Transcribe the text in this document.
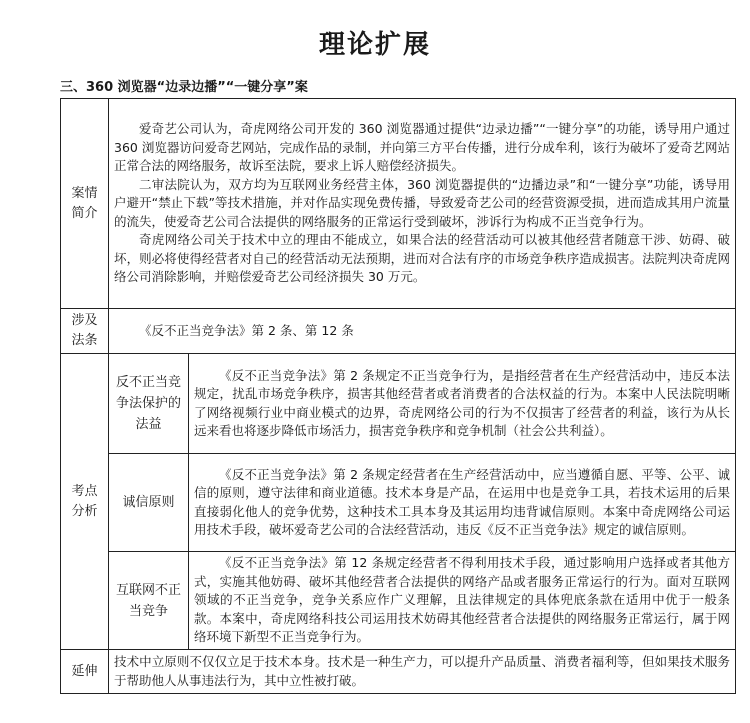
理论扩展
三、360 浏览器“边录边播”“一键分享”案
案情简介	爱奇艺公司认为，奇虎网络公司开发的 360 浏览器通过提供“边录边播”“一键分享”的功能，诱导用户通过 360 浏览器访问爱奇艺网站，完成作品的录制，并向第三方平台传播，进行分成牟利，该行为破坏了爱奇艺网站正常合法的网络服务，故诉至法院，要求上诉人赔偿经济损失。
二审法院认为，双方均为互联网业务经营主体，360 浏览器提供的“边播边录”和“一键分享”功能，诱导用户避开“禁止下载”等技术措施，并对作品实现免费传播，导致爱奇艺公司的经营资源受损，进而造成其用户流量的流失，使爱奇艺公司合法提供的网络服务的正常运行受到破坏，涉诉行为构成不正当竞争行为。
奇虎网络公司关于技术中立的理由不能成立，如果合法的经营活动可以被其他经营者随意干涉、妨碍、破坏，则必将使得经营者对自己的经营活动无法预期，进而对合法有序的市场竞争秩序造成损害。法院判决奇虎网络公司消除影响，并赔偿爱奇艺公司经济损失 30 万元。	

涉及法条	《反不正当竞争法》第 2 条、第 12 条	

考点分析	反不正当竞争法保护的法益	《反不正当竞争法》第 2 条规定不正当竞争行为，是指经营者在生产经营活动中，违反本法规定，扰乱市场竞争秩序，损害其他经营者或者消费者的合法权益的行为。本案中人民法院明晰了网络视频行业中商业模式的边界，奇虎网络公司的行为不仅损害了经营者的利益，该行为从长远来看也将逐步降低市场活力，损害竞争秩序和竞争机制（社会公共利益）。

	诚信原则	《反不正当竞争法》第 2 条规定经营者在生产经营活动中，应当遵循自愿、平等、公平、诚信的原则，遵守法律和商业道德。技术本身是产品，在运用中也是竞争工具，若技术运用的后果直接弱化他人的竞争优势，这种技术工具本身及其运用均违背诚信原则。本案中奇虎网络公司运用技术手段，破坏爱奇艺公司的合法经营活动，违反《反不正当竞争法》规定的诚信原则。

	互联网不正当竞争	《反不正当竞争法》第 12 条规定经营者不得利用技术手段，通过影响用户选择或者其他方式，实施其他妨碍、破坏其他经营者合法提供的网络产品或者服务正常运行的行为。面对互联网领域的不正当竞争，竞争关系应作广义理解，且法律规定的具体兜底条款在适用中优于一般条款。本案中，奇虎网络科技公司运用技术妨碍其他经营者合法提供的网络服务正常运行，属于网络环境下新型不正当竞争行为。

延伸	技术中立原则不仅仅立足于技术本身。技术是一种生产力，可以提升产品质量、消费者福利等，但如果技术服务于帮助他人从事违法行为，其中立性被打破。	
